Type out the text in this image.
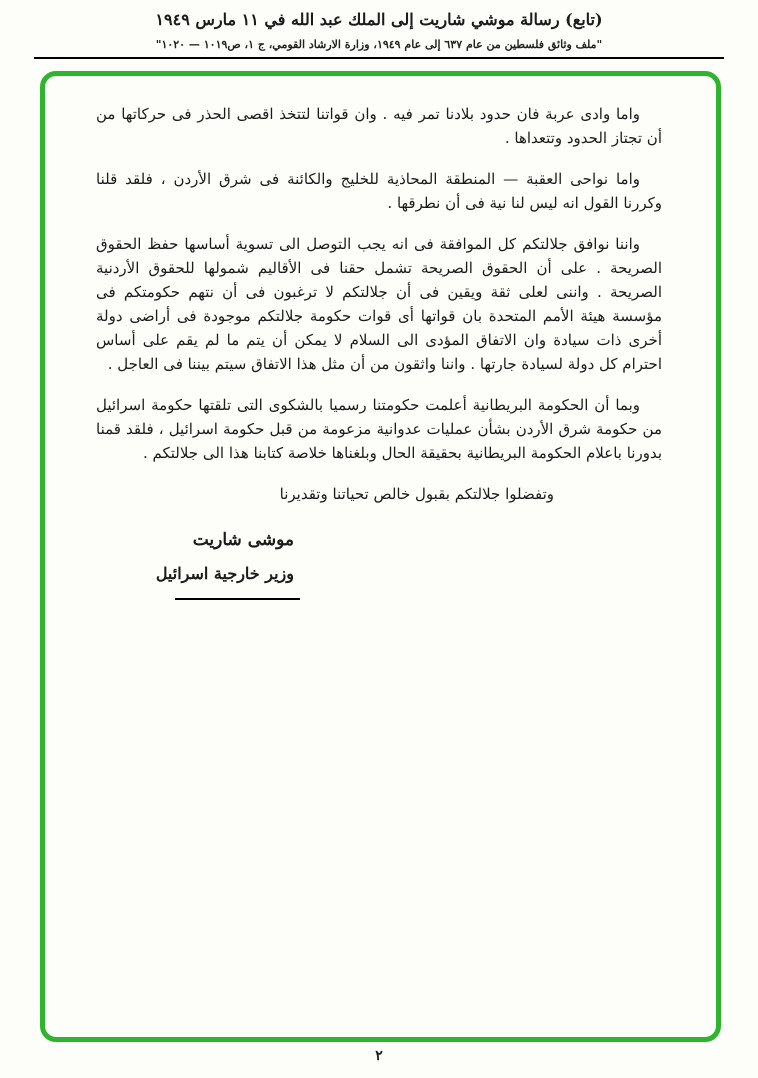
(تابع) رسالة موشي شاريت إلى الملك عبد الله في ١١ مارس ١٩٤٩
"ملف وثائق فلسطين من عام ٦٣٧ إلى عام ١٩٤٩، وزارة الارشاد القومي، ج ١، ص١٠١٩ — ١٠٢٠"

واما وادى عربة فان حدود بلادنا تمر فيه . وان قواتنا لتتخذ اقصى الحذر فى حركاتها من أن تجتاز الحدود وتتعداها .

واما نواحى العقبة — المنطقة المحاذية للخليج والكائنة فى شرق الأردن ، فلقد قلنا وكررنا القول انه ليس لنا نية فى أن نطرقها .

واننا نوافق جلالتكم كل الموافقة فى انه يجب التوصل الى تسوية أساسها حفظ الحقوق الصريحة . على أن الحقوق الصريحة تشمل حقنا فى الأقاليم شمولها للحقوق الأردنية الصريحة . واننى لعلى ثقة ويقين فى أن جلالتكم لا ترغبون فى أن نتهم حكومتكم فى مؤسسة هيئة الأمم المتحدة بان قواتها أى قوات حكومة جلالتكم موجودة فى أراضى دولة أخرى ذات سيادة وان الاتفاق المؤدى الى السلام لا يمكن أن يتم ما لم يقم على أساس احترام كل دولة لسيادة جارتها . واننا واثقون من أن مثل هذا الاتفاق سيتم بيننا فى العاجل .

وبما أن الحكومة البريطانية أعلمت حكومتنا رسميا بالشكوى التى تلقتها حكومة اسرائيل من حكومة شرق الأردن بشأن عمليات عدوانية مزعومة من قبل حكومة اسرائيل ، فلقد قمنا بدورنا باعلام الحكومة البريطانية بحقيقة الحال وبلغناها خلاصة كتابنا هذا الى جلالتكم .

وتفضلوا جلالتكم بقبول خالص تحياتنا وتقديرنا
موشى شاريت
وزير خارجية اسرائيل
٢
